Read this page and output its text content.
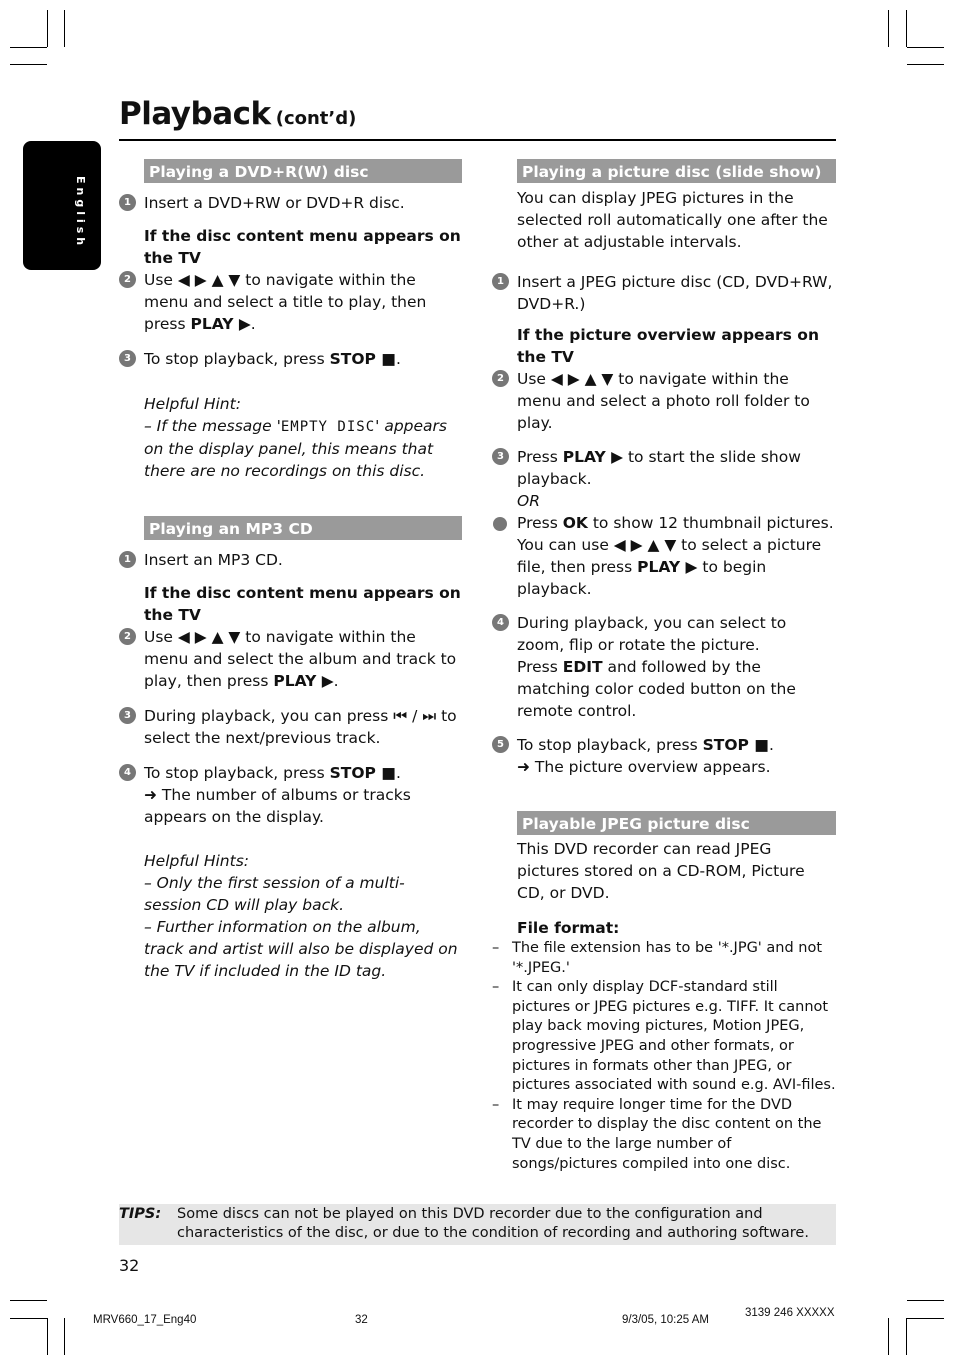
Playback (cont’d)
English
Playing a DVD+R(W) disc
1 Insert a DVD+RW or DVD+R disc.
If the disc content menu appears on the TV
2 Use ◀ ▶ ▲ ▼ to navigate within the menu and select a title to play, then press PLAY ▶.
3 To stop playback, press STOP ■.
Helpful Hint:
– If the message 'EMPTY DISC' appears on the display panel, this means that there are no recordings on this disc.
Playing an MP3 CD
1 Insert an MP3 CD.
If the disc content menu appears on the TV
2 Use ◀ ▶ ▲ ▼ to navigate within the menu and select the album and track to play, then press PLAY ▶.
3 During playback, you can press ⏮ / ⏭ to select the next/previous track.
4 To stop playback, press STOP ■.
➜ The number of albums or tracks appears on the display.
Helpful Hints:
– Only the first session of a multi-session CD will play back.
– Further information on the album, track and artist will also be displayed on the TV if included in the ID tag.
Playing a picture disc (slide show)
You can display JPEG pictures in the selected roll automatically one after the other at adjustable intervals.
1 Insert a JPEG picture disc (CD, DVD+RW, DVD+R.)
If the picture overview appears on the TV
2 Use ◀ ▶ ▲ ▼ to navigate within the menu and select a photo roll folder to play.
3 Press PLAY ▶ to start the slide show playback.
OR
Press OK to show 12 thumbnail pictures. You can use ◀ ▶ ▲ ▼ to select a picture file, then press PLAY ▶ to begin playback.
4 During playback, you can select to zoom, flip or rotate the picture.
Press EDIT and followed by the matching color coded button on the remote control.
5 To stop playback, press STOP ■.
➜ The picture overview appears.
Playable JPEG picture disc
This DVD recorder can read JPEG pictures stored on a CD-ROM, Picture CD, or DVD.
File format:
– The file extension has to be '*.JPG' and not '*.JPEG.'
– It can only display DCF-standard still pictures or JPEG pictures e.g. TIFF. It cannot play back moving pictures, Motion JPEG, progressive JPEG and other formats, or pictures in formats other than JPEG, or pictures associated with sound e.g. AVI-files.
– It may require longer time for the DVD recorder to display the disc content on the TV due to the large number of songs/pictures compiled into one disc.
TIPS: Some discs can not be played on this DVD recorder due to the configuration and characteristics of the disc, or due to the condition of recording and authoring software.
32
MRV660_17_Eng40	32	9/3/05, 10:25 AM
3139 246 XXXXX
